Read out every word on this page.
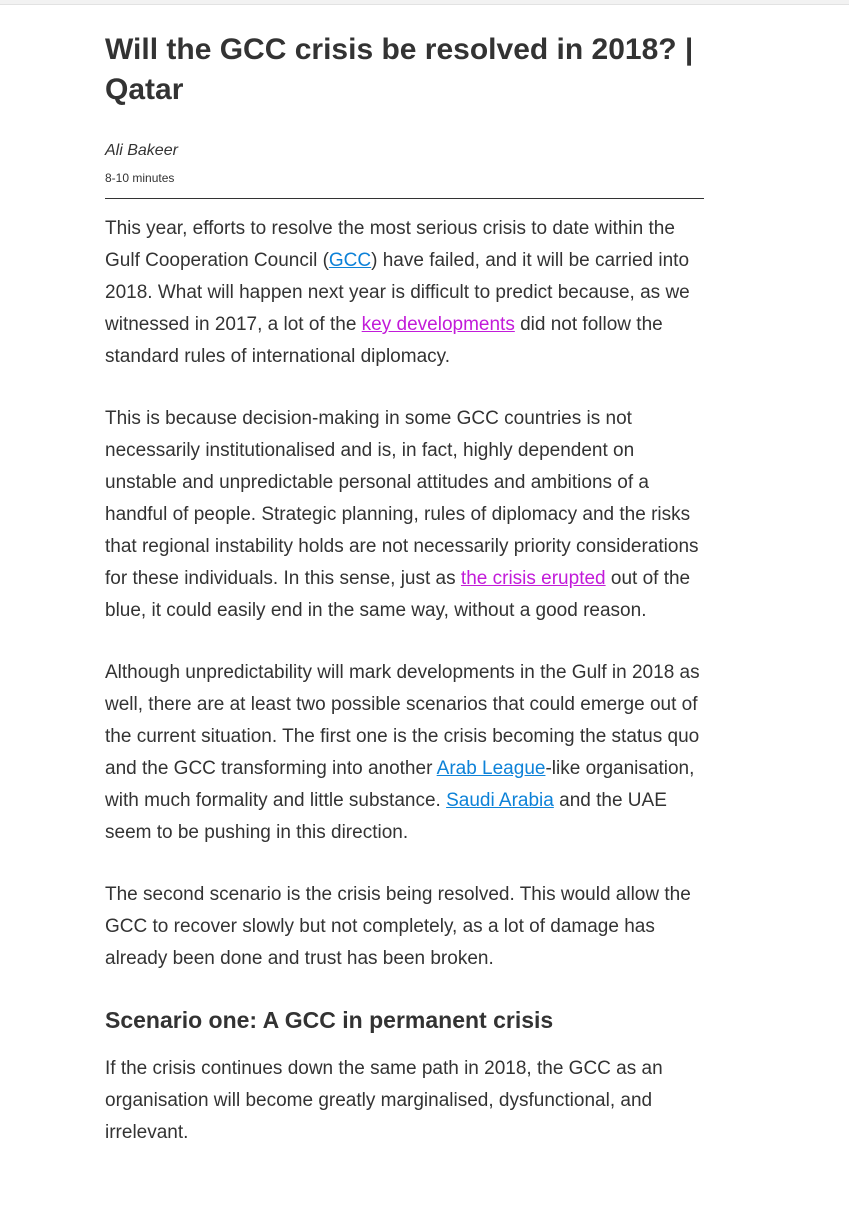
Will the GCC crisis be resolved in 2018? | Qatar
Ali Bakeer
8-10 minutes

This year, efforts to resolve the most serious crisis to date within the Gulf Cooperation Council (GCC) have failed, and it will be carried into 2018. What will happen next year is difficult to predict because, as we witnessed in 2017, a lot of the key developments did not follow the standard rules of international diplomacy.

This is because decision-making in some GCC countries is not necessarily institutionalised and is, in fact, highly dependent on unstable and unpredictable personal attitudes and ambitions of a handful of people. Strategic planning, rules of diplomacy and the risks that regional instability holds are not necessarily priority considerations for these individuals. In this sense, just as the crisis erupted out of the blue, it could easily end in the same way, without a good reason.

Although unpredictability will mark developments in the Gulf in 2018 as well, there are at least two possible scenarios that could emerge out of the current situation. The first one is the crisis becoming the status quo and the GCC transforming into another Arab League-like organisation, with much formality and little substance. Saudi Arabia and the UAE seem to be pushing in this direction.

The second scenario is the crisis being resolved. This would allow the GCC to recover slowly but not completely, as a lot of damage has already been done and trust has been broken.

Scenario one: A GCC in permanent crisis

If the crisis continues down the same path in 2018, the GCC as an organisation will become greatly marginalised, dysfunctional, and irrelevant.
